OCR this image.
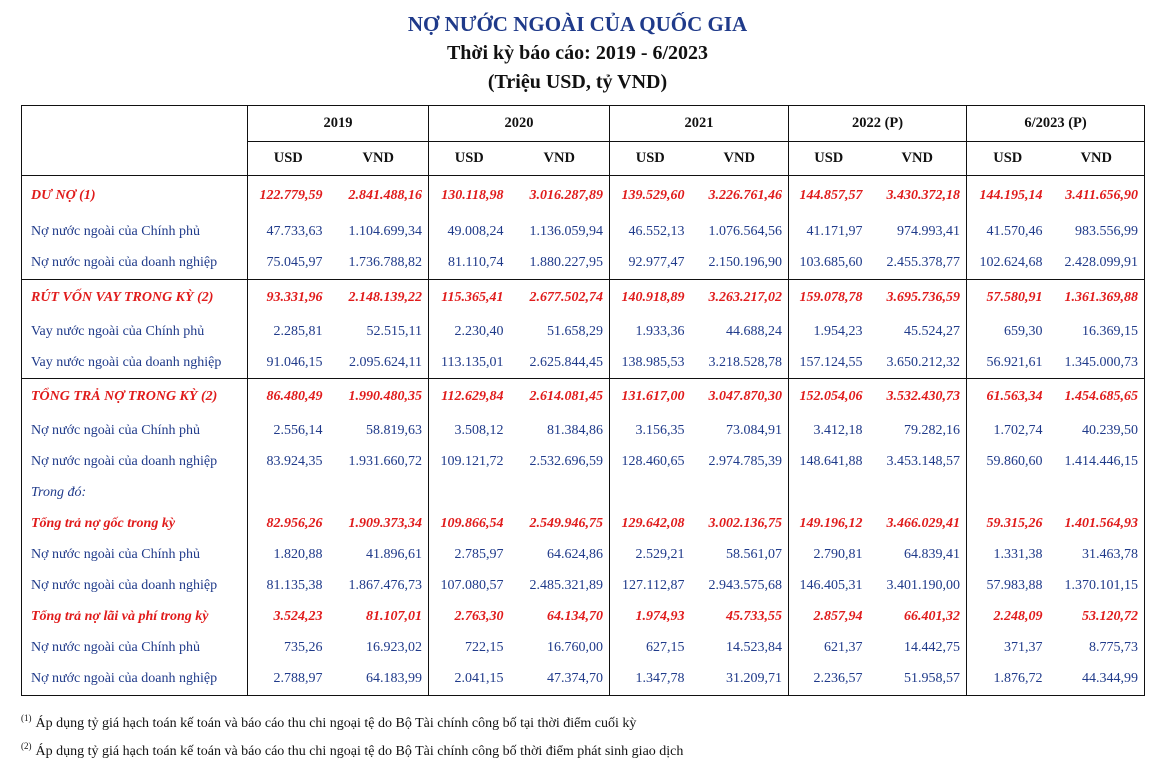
NỢ NƯỚC NGOÀI CỦA QUỐC GIA
Thời kỳ báo cáo: 2019 - 6/2023
(Triệu USD, tỷ VND)
	2019		2020		2021		2022 (P)		6/2023 (P)	
	USD	VND	USD	VND	USD	VND	USD	VND	USD	VND
DƯ NỢ (1)	122.779,59	2.841.488,16	130.118,98	3.016.287,89	139.529,60	3.226.761,46	144.857,57	3.430.372,18	144.195,14	3.411.656,90
Nợ nước ngoài của Chính phủ	47.733,63	1.104.699,34	49.008,24	1.136.059,94	46.552,13	1.076.564,56	41.171,97	974.993,41	41.570,46	983.556,99
Nợ nước ngoài của doanh nghiệp	75.045,97	1.736.788,82	81.110,74	1.880.227,95	92.977,47	2.150.196,90	103.685,60	2.455.378,77	102.624,68	2.428.099,91
RÚT VỐN VAY TRONG KỲ (2)	93.331,96	2.148.139,22	115.365,41	2.677.502,74	140.918,89	3.263.217,02	159.078,78	3.695.736,59	57.580,91	1.361.369,88
Vay nước ngoài của Chính phủ	2.285,81	52.515,11	2.230,40	51.658,29	1.933,36	44.688,24	1.954,23	45.524,27	659,30	16.369,15
Vay nước ngoài của doanh nghiệp	91.046,15	2.095.624,11	113.135,01	2.625.844,45	138.985,53	3.218.528,78	157.124,55	3.650.212,32	56.921,61	1.345.000,73
TỔNG TRẢ NỢ TRONG KỲ (2)	86.480,49	1.990.480,35	112.629,84	2.614.081,45	131.617,00	3.047.870,30	152.054,06	3.532.430,73	61.563,34	1.454.685,65
Nợ nước ngoài của Chính phủ	2.556,14	58.819,63	3.508,12	81.384,86	3.156,35	73.084,91	3.412,18	79.282,16	1.702,74	40.239,50
Nợ nước ngoài của doanh nghiệp	83.924,35	1.931.660,72	109.121,72	2.532.696,59	128.460,65	2.974.785,39	148.641,88	3.453.148,57	59.860,60	1.414.446,15
Trong đó:										
Tổng trả nợ gốc trong kỳ	82.956,26	1.909.373,34	109.866,54	2.549.946,75	129.642,08	3.002.136,75	149.196,12	3.466.029,41	59.315,26	1.401.564,93
Nợ nước ngoài của Chính phủ	1.820,88	41.896,61	2.785,97	64.624,86	2.529,21	58.561,07	2.790,81	64.839,41	1.331,38	31.463,78
Nợ nước ngoài của doanh nghiệp	81.135,38	1.867.476,73	107.080,57	2.485.321,89	127.112,87	2.943.575,68	146.405,31	3.401.190,00	57.983,88	1.370.101,15
Tổng trả nợ lãi và phí trong kỳ	3.524,23	81.107,01	2.763,30	64.134,70	1.974,93	45.733,55	2.857,94	66.401,32	2.248,09	53.120,72
Nợ nước ngoài của Chính phủ	735,26	16.923,02	722,15	16.760,00	627,15	14.523,84	621,37	14.442,75	371,37	8.775,73
Nợ nước ngoài của doanh nghiệp	2.788,97	64.183,99	2.041,15	47.374,70	1.347,78	31.209,71	2.236,57	51.958,57	1.876,72	44.344,99
$^{(1)}$ Áp dụng tỷ giá hạch toán kế toán và báo cáo thu chi ngoại tệ do Bộ Tài chính công bố tại thời điểm cuối kỳ
$^{(2)}$ Áp dụng tỷ giá hạch toán kế toán và báo cáo thu chi ngoại tệ do Bộ Tài chính công bố thời điểm phát sinh giao dịch
